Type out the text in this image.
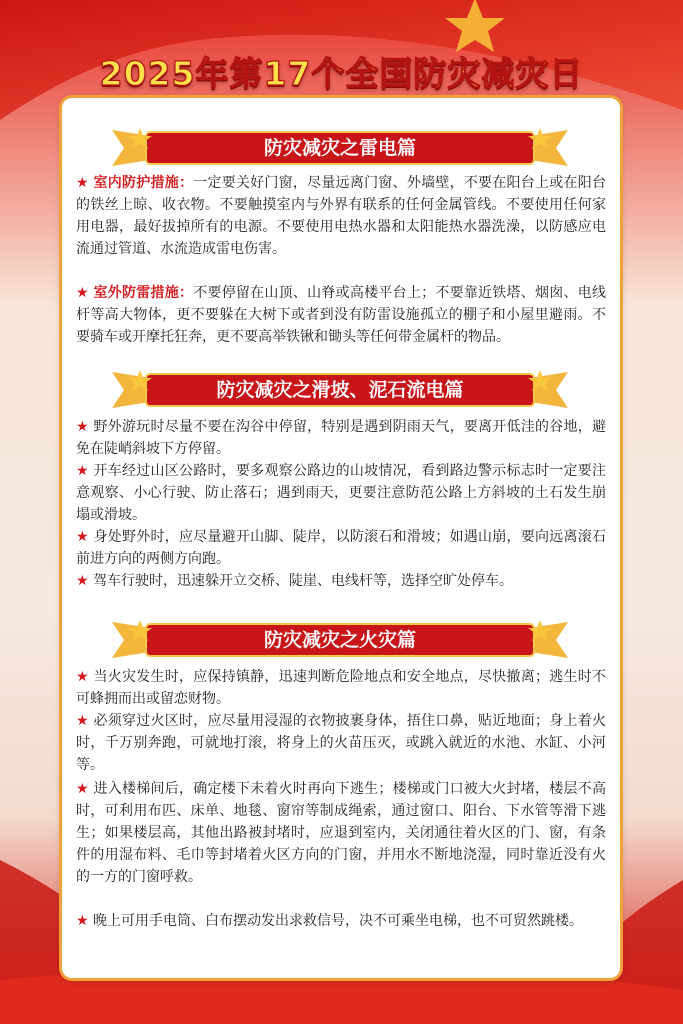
2025年第17个全国防灾减灾日
防灾减灾之雷电篇

★ 室内防护措施：一定要关好门窗，尽量远离门窗、外墙壁，不要在阳台上或在阳台的铁丝上晾、收衣物。不要触摸室内与外界有联系的任何金属管线。不要使用任何家用电器，最好拔掉所有的电源。不要使用电热水器和太阳能热水器洗澡，以防感应电流通过管道、水流造成雷电伤害。

★ 室外防雷措施：不要停留在山顶、山脊或高楼平台上；不要靠近铁塔、烟囱、电线杆等高大物体，更不要躲在大树下或者到没有防雷设施孤立的棚子和小屋里避雨。不要骑车或开摩托狂奔，更不要高举铁锹和锄头等任何带金属杆的物品。

防灾减灾之滑坡、泥石流电篇

★ 野外游玩时尽量不要在沟谷中停留，特别是遇到阴雨天气，要离开低洼的谷地，避免在陡峭斜坡下方停留。

★ 开车经过山区公路时，要多观察公路边的山坡情况，看到路边警示标志时一定要注意观察、小心行驶、防止落石；遇到雨天，更要注意防范公路上方斜坡的土石发生崩塌或滑坡。

★ 身处野外时，应尽量避开山脚、陡岸，以防滚石和滑坡；如遇山崩，要向远离滚石前进方向的两侧方向跑。

★ 驾车行驶时，迅速躲开立交桥、陡崖、电线杆等，选择空旷处停车。

防灾减灾之火灾篇

★ 当火灾发生时，应保持镇静，迅速判断危险地点和安全地点，尽快撤离；逃生时不可蜂拥而出或留恋财物。

★ 必须穿过火区时，应尽量用浸湿的衣物披裹身体，捂住口鼻，贴近地面；身上着火时，千万别奔跑，可就地打滚，将身上的火苗压灭，或跳入就近的水池、水缸、小河等。

★ 进入楼梯间后，确定楼下未着火时再向下逃生；楼梯或门口被大火封堵，楼层不高时，可利用布匹、床单、地毯、窗帘等制成绳索，通过窗口、阳台、下水管等滑下逃生；如果楼层高，其他出路被封堵时，应退到室内，关闭通往着火区的门、窗，有条件的用湿布料、毛巾等封堵着火区方向的门窗，并用水不断地浇湿，同时靠近没有火的一方的门窗呼救。

★ 晚上可用手电筒、白布摆动发出求救信号，决不可乘坐电梯，也不可贸然跳楼。
